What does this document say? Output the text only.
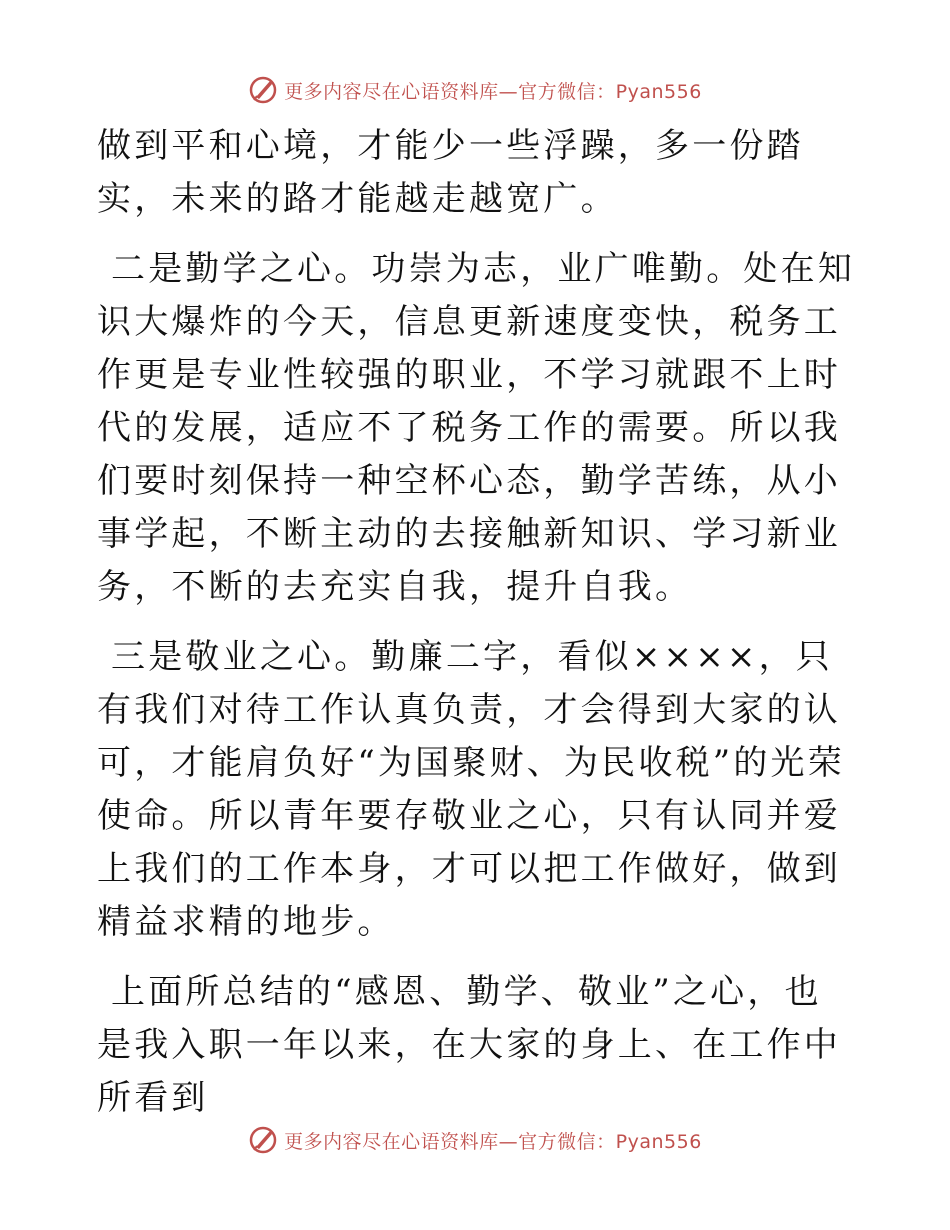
更多内容尽在心语资料库—官方微信：Pyan556

做到平和心境，才能少一些浮躁，多一份踏实，未来的路才能越走越宽广。

二是勤学之心。功崇为志，业广唯勤。处在知识大爆炸的今天，信息更新速度变快，税务工作更是专业性较强的职业，不学习就跟不上时代的发展，适应不了税务工作的需要。所以我们要时刻保持一种空杯心态，勤学苦练，从小事学起，不断主动的去接触新知识、学习新业务，不断的去充实自我，提升自我。

三是敬业之心。勤廉二字，看似××××，只有我们对待工作认真负责，才会得到大家的认可，才能肩负好“为国聚财、为民收税”的光荣使命。所以青年要存敬业之心，只有认同并爱上我们的工作本身，才可以把工作做好，做到精益求精的地步。

上面所总结的“感恩、勤学、敬业”之心，也是我入职一年以来，在大家的身上、在工作中所看到

更多内容尽在心语资料库—官方微信：Pyan556
